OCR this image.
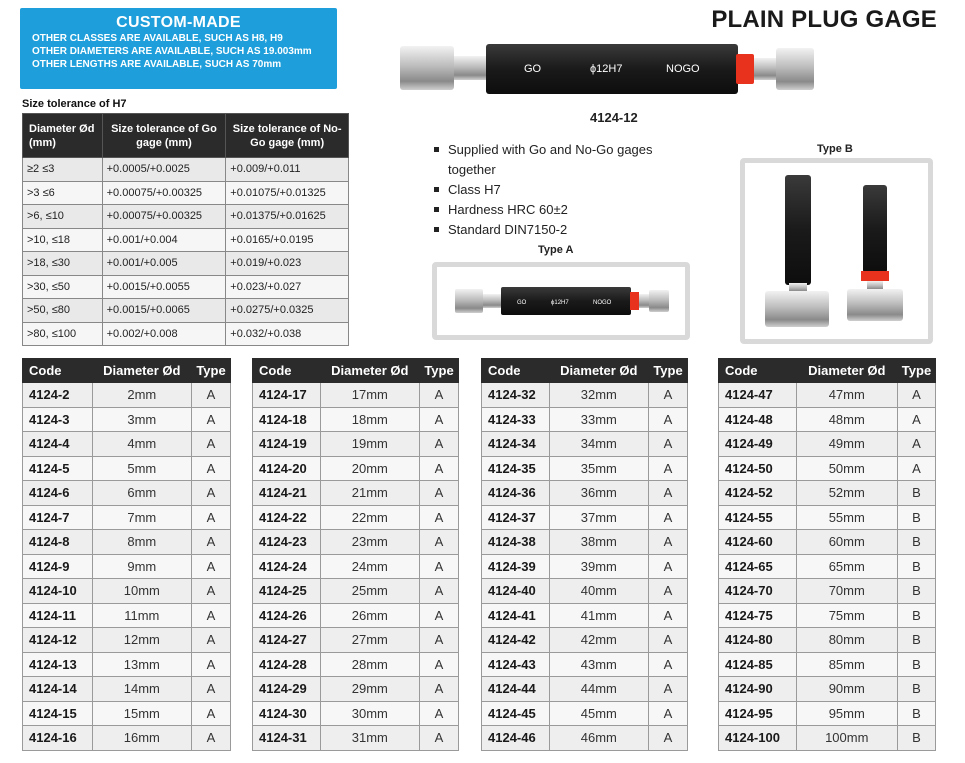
CUSTOM-MADE
OTHER CLASSES ARE AVAILABLE, SUCH AS H8, H9
OTHER DIAMETERS ARE AVAILABLE, SUCH AS 19.003mm
OTHER LENGTHS ARE AVAILABLE, SUCH AS 70mm
PLAIN PLUG GAGE
Size tolerance of H7
Diameter Ød (mm)	Size tolerance of Go gage (mm)	Size tolerance of No-Go gage (mm)
≥2 ≤3	+0.0005/+0.0025	+0.009/+0.011
>3 ≤6	+0.00075/+0.00325	+0.01075/+0.01325
>6, ≤10	+0.00075/+0.00325	+0.01375/+0.01625
>10, ≤18	+0.001/+0.004	+0.0165/+0.0195
>18, ≤30	+0.001/+0.005	+0.019/+0.023
>30, ≤50	+0.0015/+0.0055	+0.023/+0.027
>50, ≤80	+0.0015/+0.0065	+0.0275/+0.0325
>80, ≤100	+0.002/+0.008	+0.032/+0.038
GO	ϕ12H7	NOGO
4124-12
Supplied with Go and No-Go gages together
Class H7
Hardness HRC 60±2
Standard DIN7150-2
Type A
GO	ϕ12H7	NOGO
Type B
Code	Diameter Ød	Type
4124-2	2mm	A
4124-3	3mm	A
4124-4	4mm	A
4124-5	5mm	A
4124-6	6mm	A
4124-7	7mm	A
4124-8	8mm	A
4124-9	9mm	A
4124-10	10mm	A
4124-11	11mm	A
4124-12	12mm	A
4124-13	13mm	A
4124-14	14mm	A
4124-15	15mm	A
4124-16	16mm	A
Code	Diameter Ød	Type
4124-17	17mm	A
4124-18	18mm	A
4124-19	19mm	A
4124-20	20mm	A
4124-21	21mm	A
4124-22	22mm	A
4124-23	23mm	A
4124-24	24mm	A
4124-25	25mm	A
4124-26	26mm	A
4124-27	27mm	A
4124-28	28mm	A
4124-29	29mm	A
4124-30	30mm	A
4124-31	31mm	A
Code	Diameter Ød	Type
4124-32	32mm	A
4124-33	33mm	A
4124-34	34mm	A
4124-35	35mm	A
4124-36	36mm	A
4124-37	37mm	A
4124-38	38mm	A
4124-39	39mm	A
4124-40	40mm	A
4124-41	41mm	A
4124-42	42mm	A
4124-43	43mm	A
4124-44	44mm	A
4124-45	45mm	A
4124-46	46mm	A
Code	Diameter Ød	Type
4124-47	47mm	A
4124-48	48mm	A
4124-49	49mm	A
4124-50	50mm	A
4124-52	52mm	B
4124-55	55mm	B
4124-60	60mm	B
4124-65	65mm	B
4124-70	70mm	B
4124-75	75mm	B
4124-80	80mm	B
4124-85	85mm	B
4124-90	90mm	B
4124-95	95mm	B
4124-100	100mm	B
